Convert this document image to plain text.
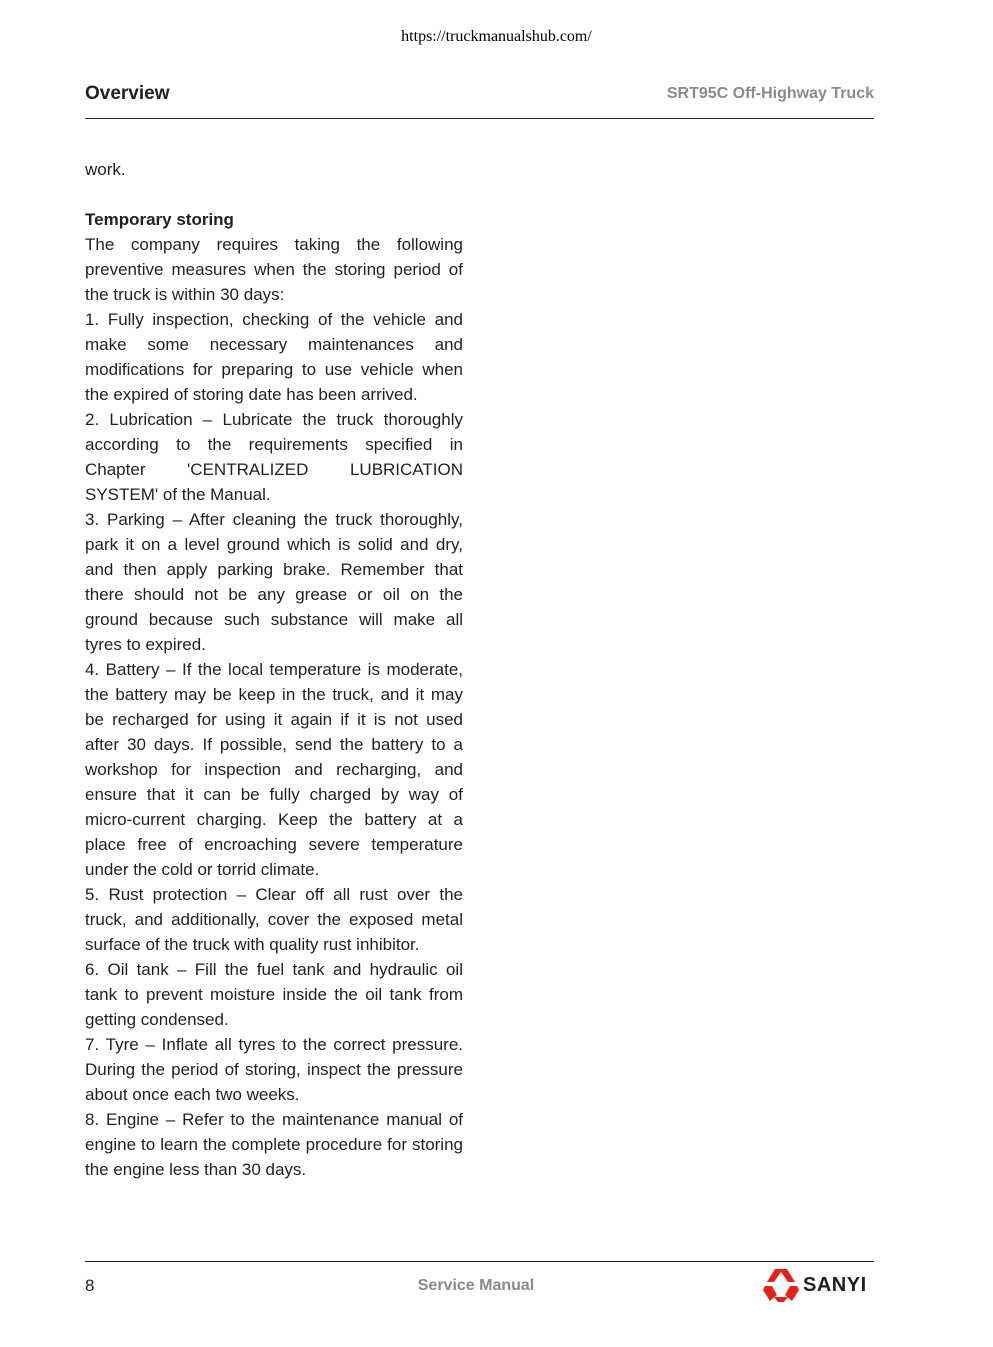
https://truckmanualshub.com/
Overview	SRT95C Off-Highway Truck

work.

Temporary storing

The company requires taking the following preventive measures when the storing period of the truck is within 30 days:

1. Fully inspection, checking of the vehicle and make some necessary maintenances and modifications for preparing to use vehicle when the expired of storing date has been arrived.

2. Lubrication – Lubricate the truck thoroughly according to the requirements specified in Chapter 'CENTRALIZED LUBRICATION SYSTEM' of the Manual.

3. Parking – After cleaning the truck thoroughly, park it on a level ground which is solid and dry, and then apply parking brake. Remember that there should not be any grease or oil on the ground because such substance will make all tyres to expired.

4. Battery – If the local temperature is moderate, the battery may be keep in the truck, and it may be recharged for using it again if it is not used after 30 days. If possible, send the battery to a workshop for inspection and recharging, and ensure that it can be fully charged by way of micro-current charging. Keep the battery at a place free of encroaching severe temperature under the cold or torrid climate.

5. Rust protection – Clear off all rust over the truck, and additionally, cover the exposed metal surface of the truck with quality rust inhibitor.

6. Oil tank – Fill the fuel tank and hydraulic oil tank to prevent moisture inside the oil tank from getting condensed.

7. Tyre – Inflate all tyres to the correct pressure. During the period of storing, inspect the pressure about once each two weeks.

8. Engine – Refer to the maintenance manual of engine to learn the complete procedure for storing the engine less than 30 days.

8	Service Manual	SANYI
